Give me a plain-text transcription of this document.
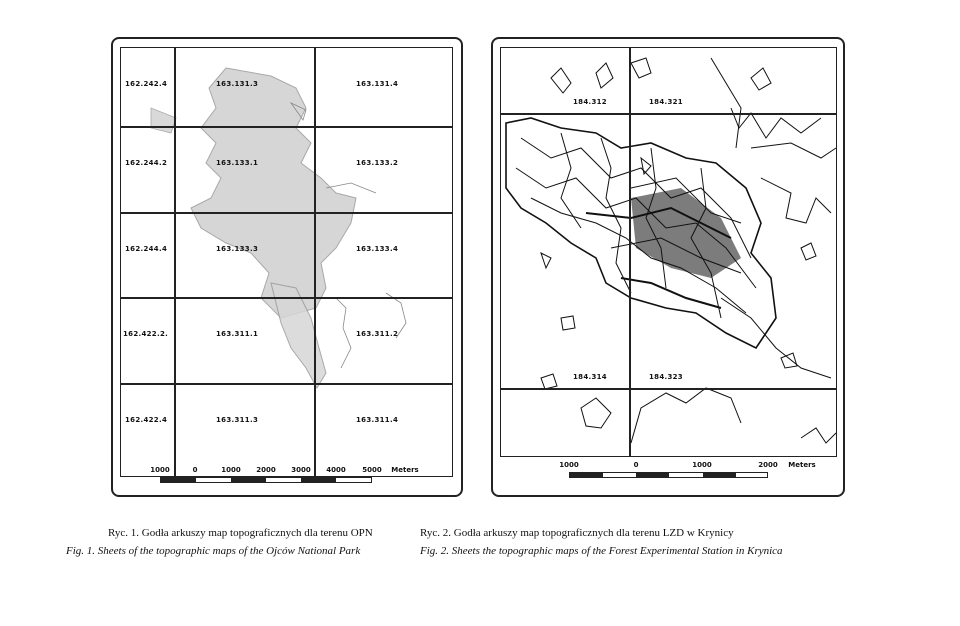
162.242.4	163.131.3	163.131.4
162.244.2	163.133.1	163.133.2
162.244.4	163.133.3	163.133.4
162.422.2.	163.311.1	163.311.2
162.422.4	163.311.3	163.311.4
1000	0	1000 2000 3000 4000 5000 Meters
184.312	184.321
184.314	184.323
1000	0	1000	2000 Meters
Ryc. 1. Godła arkuszy map topograficznych dla terenu OPN
Fig. 1. Sheets of the topographic maps of the Ojców National Park
Ryc. 2. Godła arkuszy map topograficznych dla terenu LZD w Krynicy
Fig. 2. Sheets the topographic maps of the Forest Experimental Station in Krynica
